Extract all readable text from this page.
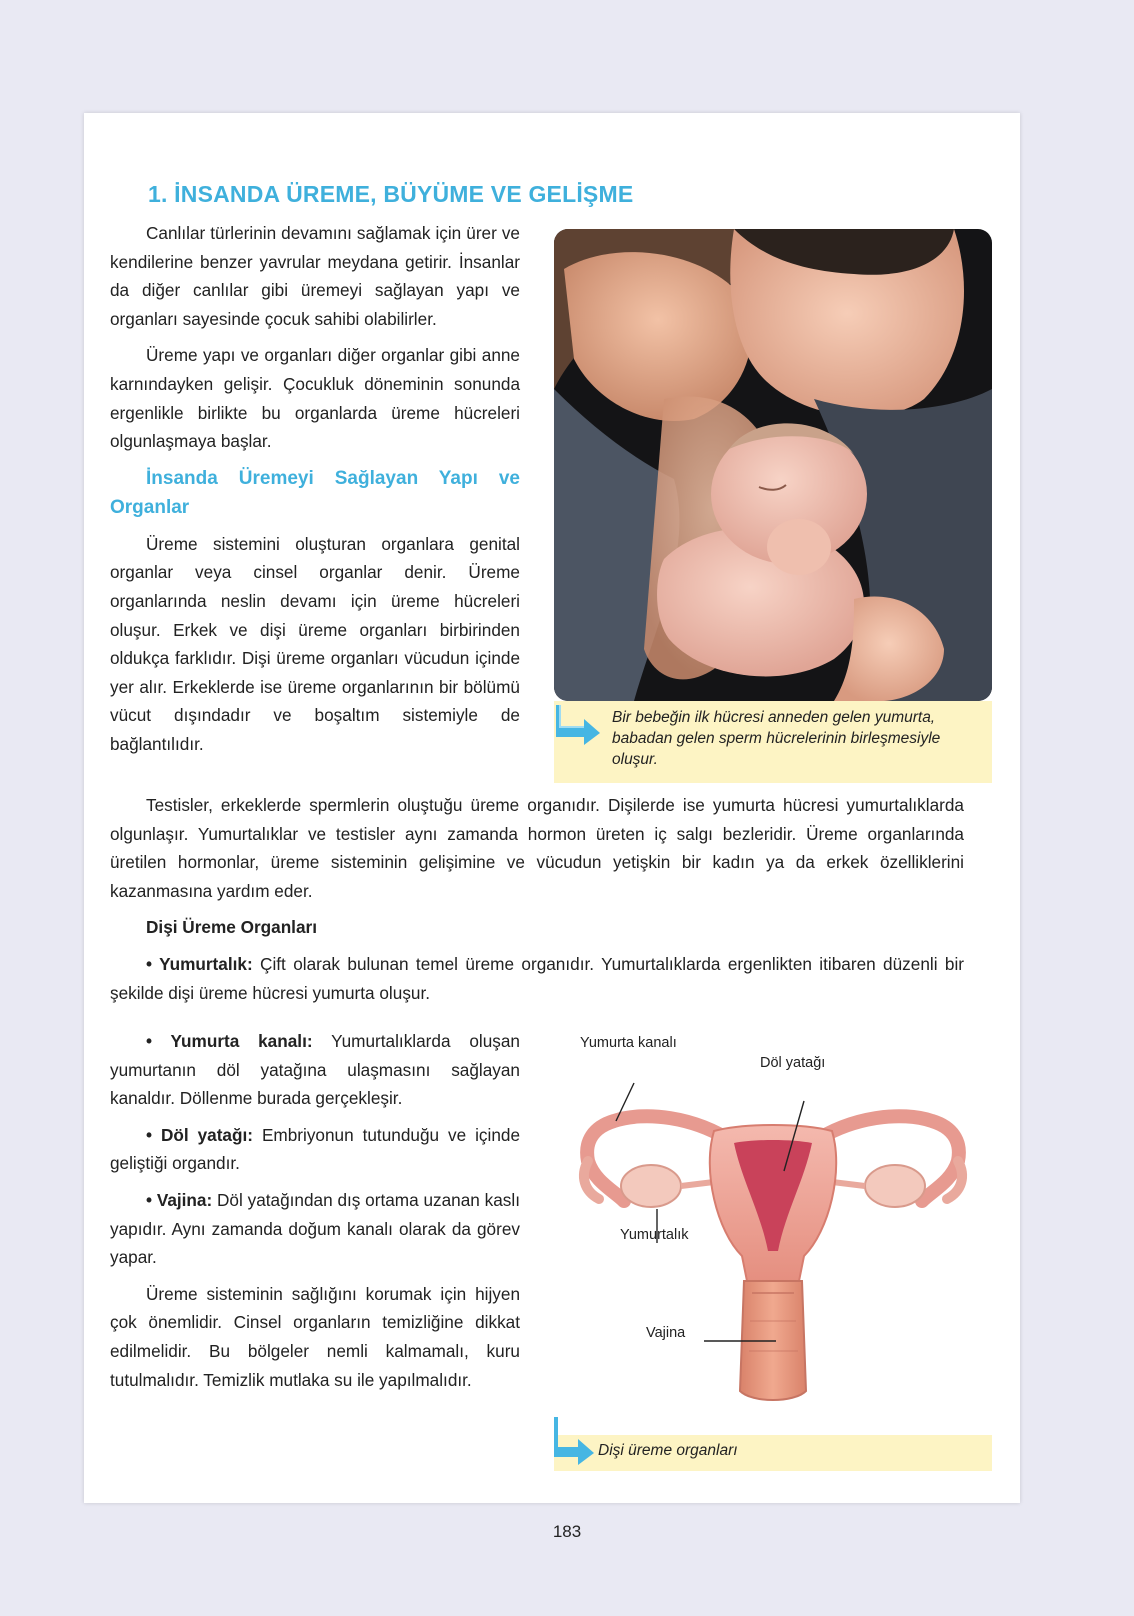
1. İNSANDA ÜREME, BÜYÜME VE GELİŞME

Canlılar türlerinin devamını sağlamak için ürer ve kendilerine benzer yavrular meydana getirir. İnsanlar da diğer canlılar gibi üremeyi sağlayan yapı ve organları sayesinde çocuk sahibi olabilirler.

Üreme yapı ve organları diğer organlar gibi anne karnındayken gelişir. Çocukluk döneminin sonunda ergenlikle birlikte bu organlarda üreme hücreleri olgunlaşmaya başlar.

İnsanda Üremeyi Sağlayan Yapı ve Organlar

Üreme sistemini oluşturan organlara genital organlar veya cinsel organlar denir. Üreme organlarında neslin devamı için üreme hücreleri oluşur. Erkek ve dişi üreme organları birbirinden oldukça farklıdır. Dişi üreme organları vücudun içinde yer alır. Erkeklerde ise üreme organlarının bir bölümü vücut dışındadır ve boşaltım sistemiyle de bağlantılıdır.

Bir bebeğin ilk hücresi anneden gelen yumurta, babadan gelen sperm hücrelerinin birleşmesiyle oluşur.

Testisler, erkeklerde spermlerin oluştuğu üreme organıdır. Dişilerde ise yumurta hücresi yumurtalıklarda olgunlaşır. Yumurtalıklar ve testisler aynı zamanda hormon üreten iç salgı bezleridir. Üreme organlarında üretilen hormonlar, üreme sisteminin gelişimine ve vücudun yetişkin bir kadın ya da erkek özelliklerini kazanmasına yardım eder.

Dişi Üreme Organları

• Yumurtalık: Çift olarak bulunan temel üreme organıdır. Yumurtalıklarda ergenlikten itibaren düzenli bir şekilde dişi üreme hücresi yumurta oluşur.

• Yumurta kanalı: Yumurtalıklarda oluşan yumurtanın döl yatağına ulaşmasını sağlayan kanaldır. Döllenme burada gerçekleşir.

• Döl yatağı: Embriyonun tutunduğu ve içinde geliştiği organdır.

• Vajina: Döl yatağından dış ortama uzanan kaslı yapıdır. Aynı zamanda doğum kanalı olarak da görev yapar.

Üreme sisteminin sağlığını korumak için hijyen çok önemlidir. Cinsel organların temizliğine dikkat edilmelidir. Bu bölgeler nemli kalmamalı, kuru tutulmalıdır. Temizlik mutlaka su ile yapılmalıdır.

Yumurta kanalı
Döl yatağı
Yumurtalık
Vajina
Dişi üreme organları
183
